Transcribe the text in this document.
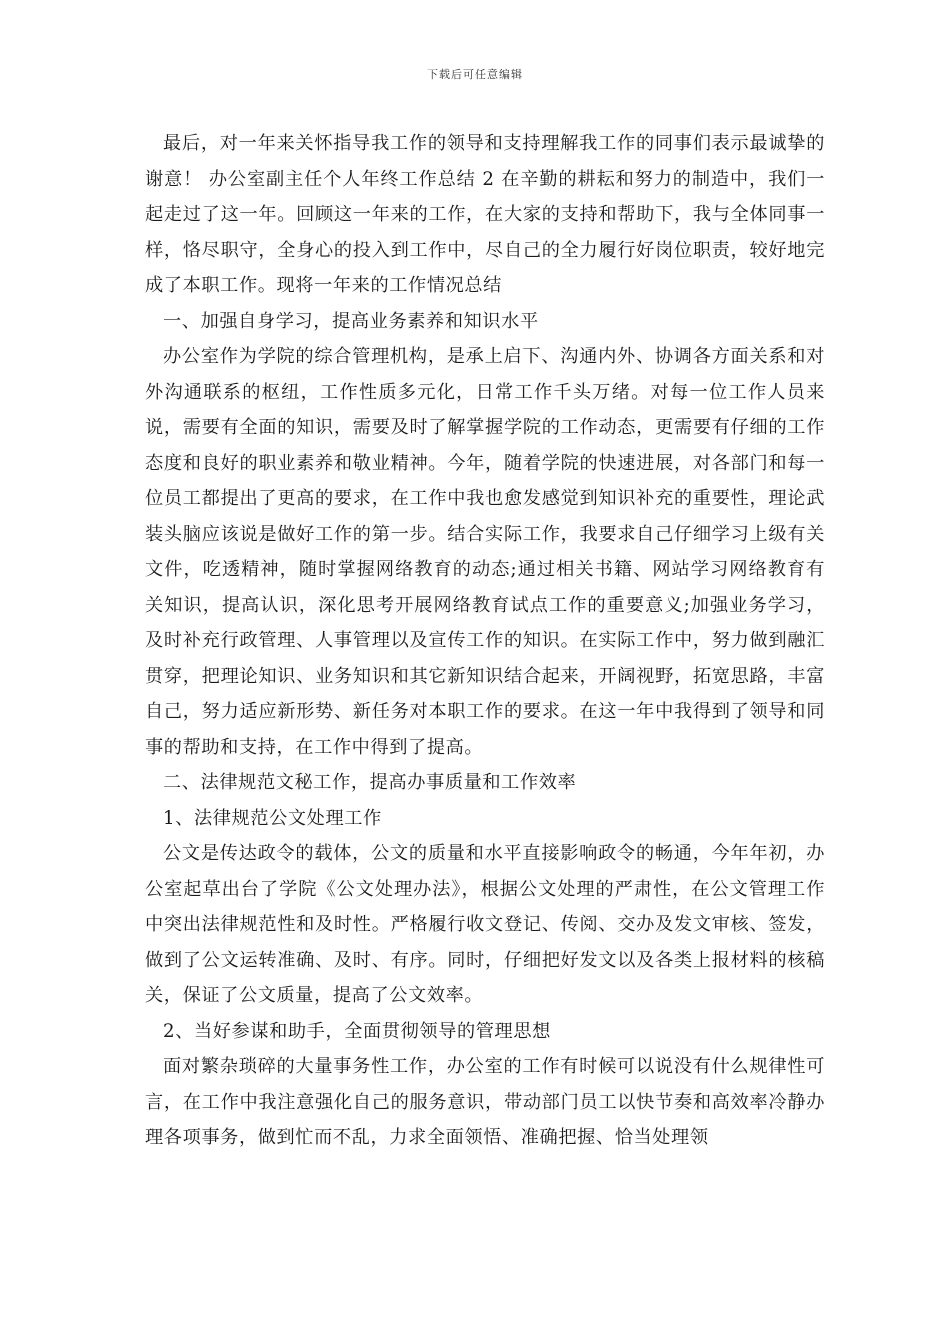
下载后可任意编辑

最后，对一年来关怀指导我工作的领导和支持理解我工作的同事们表示最诚挚的谢意！ 办公室副主任个人年终工作总结 2 在辛勤的耕耘和努力的制造中，我们一起走过了这一年。回顾这一年来的工作，在大家的支持和帮助下，我与全体同事一样，恪尽职守，全身心的投入到工作中，尽自己的全力履行好岗位职责，较好地完成了本职工作。现将一年来的工作情况总结

一、加强自身学习，提高业务素养和知识水平

办公室作为学院的综合管理机构，是承上启下、沟通内外、协调各方面关系和对外沟通联系的枢纽，工作性质多元化，日常工作千头万绪。对每一位工作人员来说，需要有全面的知识，需要及时了解掌握学院的工作动态，更需要有仔细的工作态度和良好的职业素养和敬业精神。今年，随着学院的快速进展，对各部门和每一位员工都提出了更高的要求，在工作中我也愈发感觉到知识补充的重要性，理论武装头脑应该说是做好工作的第一步。结合实际工作，我要求自己仔细学习上级有关文件，吃透精神，随时掌握网络教育的动态;通过相关书籍、网站学习网络教育有关知识，提高认识，深化思考开展网络教育试点工作的重要意义;加强业务学习，及时补充行政管理、人事管理以及宣传工作的知识。在实际工作中，努力做到融汇贯穿，把理论知识、业务知识和其它新知识结合起来，开阔视野，拓宽思路，丰富自己，努力适应新形势、新任务对本职工作的要求。在这一年中我得到了领导和同事的帮助和支持，在工作中得到了提高。

二、法律规范文秘工作，提高办事质量和工作效率

1、法律规范公文处理工作

公文是传达政令的载体，公文的质量和水平直接影响政令的畅通，今年年初，办公室起草出台了学院《公文处理办法》，根据公文处理的严肃性，在公文管理工作中突出法律规范性和及时性。严格履行收文登记、传阅、交办及发文审核、签发，做到了公文运转准确、及时、有序。同时，仔细把好发文以及各类上报材料的核稿关，保证了公文质量，提高了公文效率。

2、当好参谋和助手，全面贯彻领导的管理思想

面对繁杂琐碎的大量事务性工作，办公室的工作有时候可以说没有什么规律性可言，在工作中我注意强化自己的服务意识，带动部门员工以快节奏和高效率冷静办理各项事务，做到忙而不乱，力求全面领悟、准确把握、恰当处理领
